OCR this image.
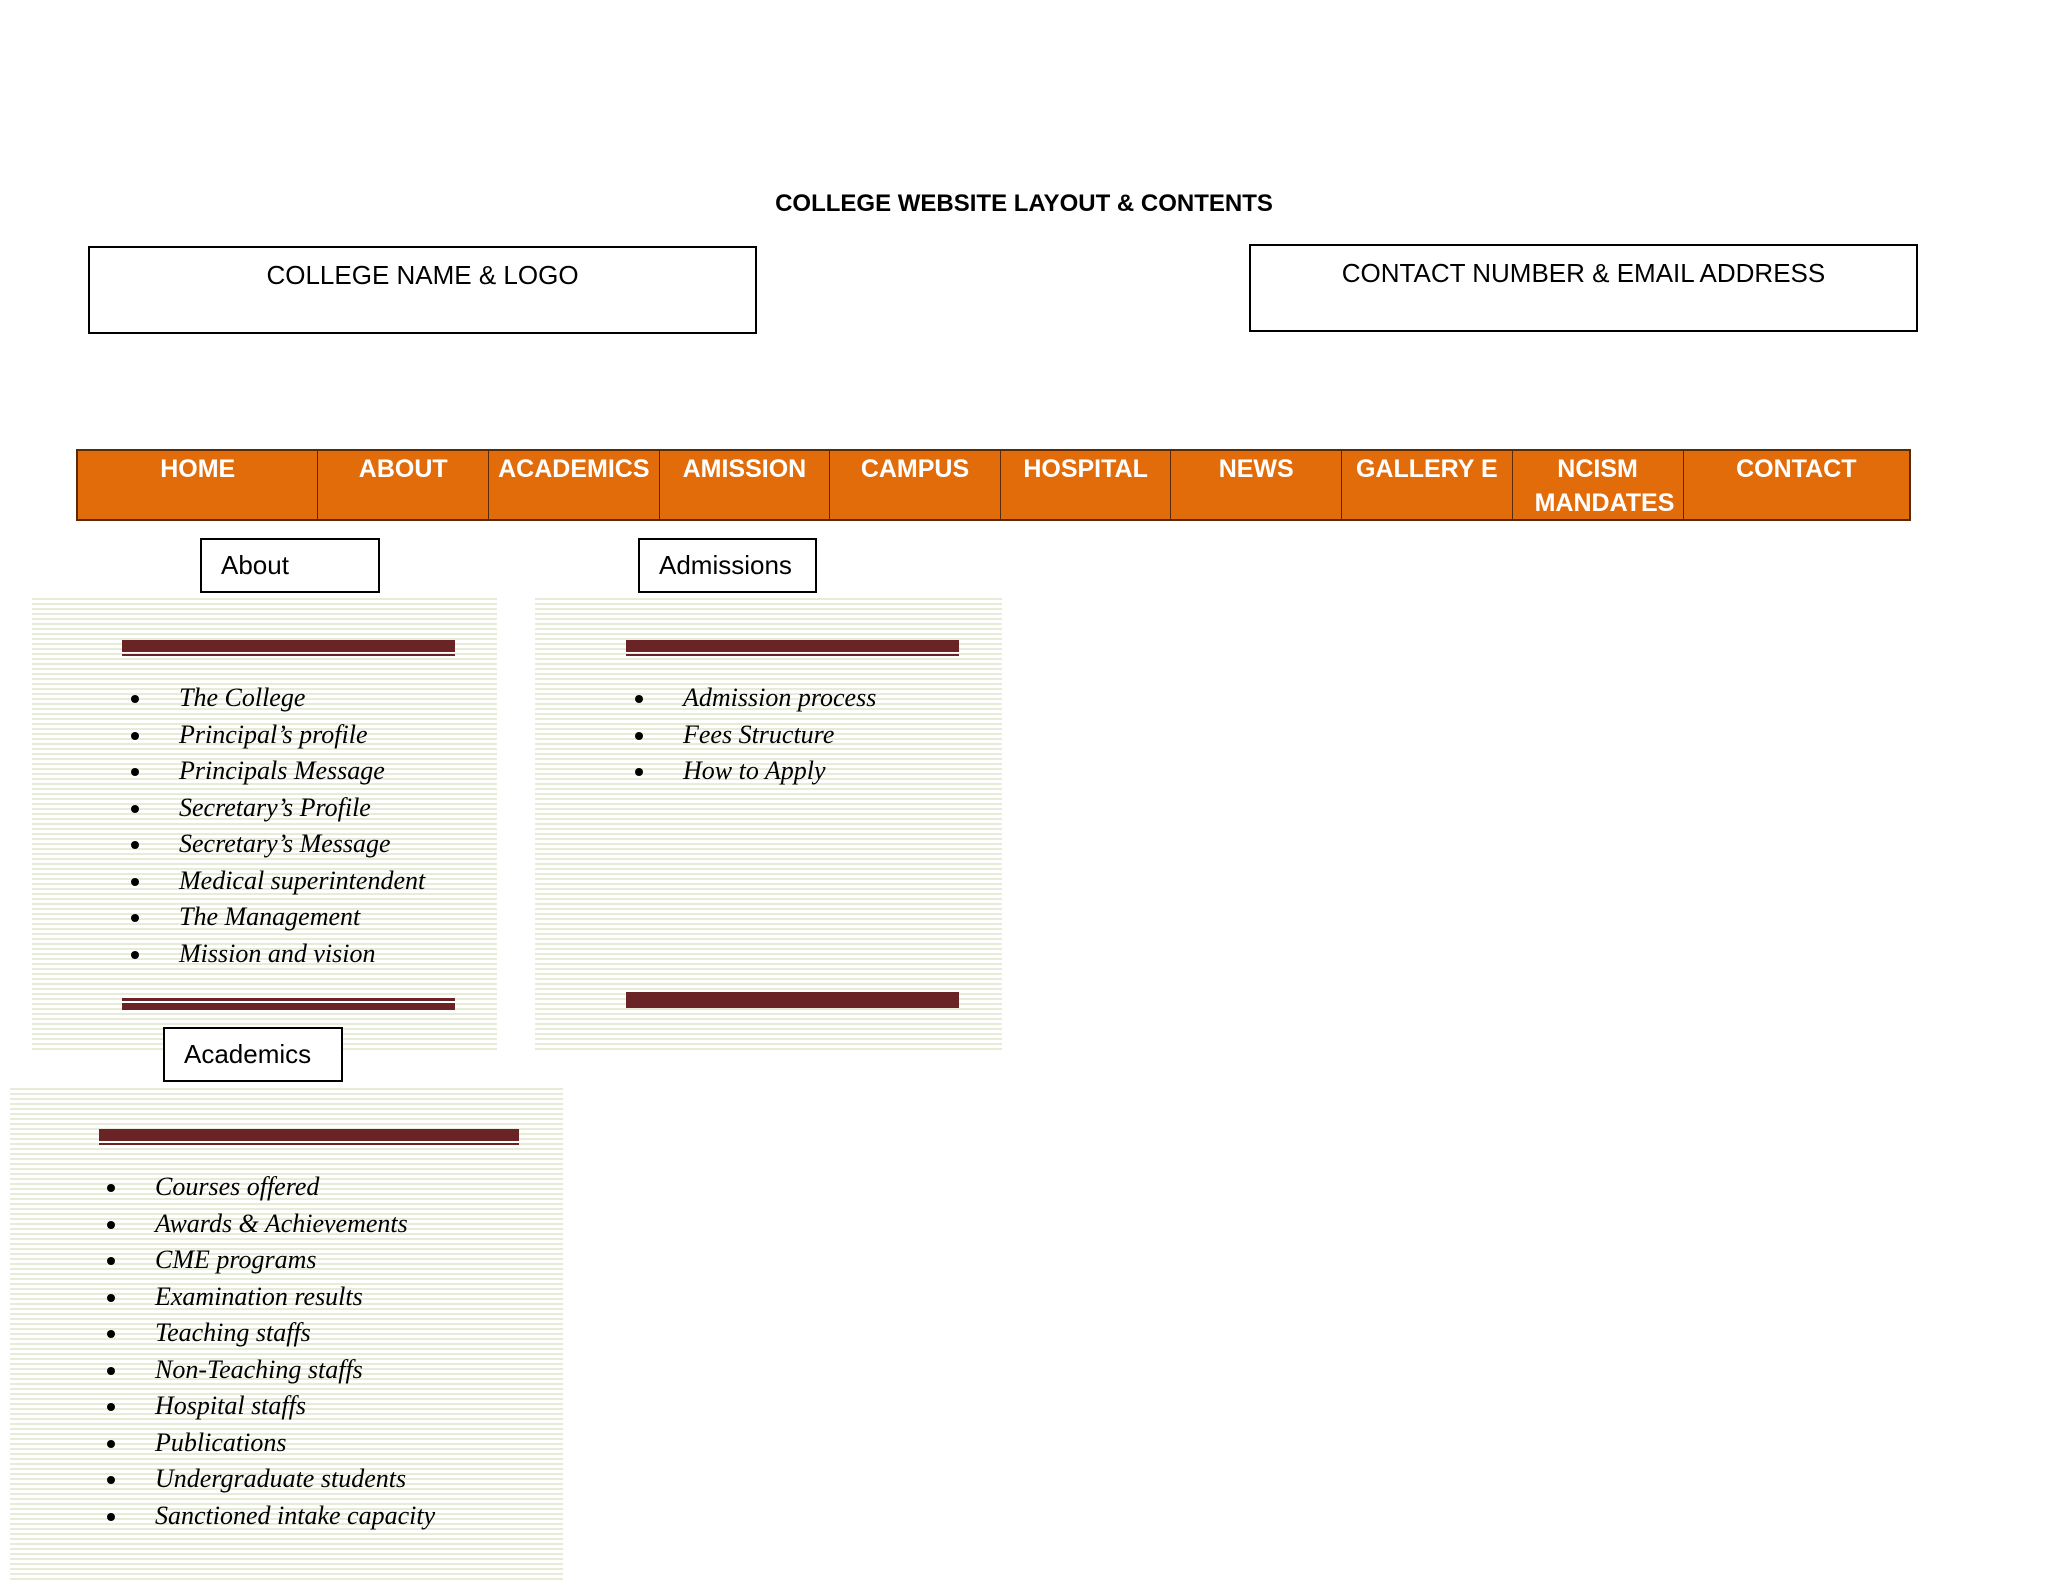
COLLEGE WEBSITE LAYOUT & CONTENTS
COLLEGE NAME & LOGO	CONTACT NUMBER & EMAIL ADDRESS
HOME	ABOUT	ACADEMICS	AMISSION	CAMPUS	HOSPITAL	NEWS	GALLERY E	NCISM MANDATES
CONTACT
About
The College
Principal’s profile
Principals Message
Secretary’s Profile
Secretary’s Message
Medical superintendent
The Management
Mission and vision
Admissions
Admission process
Fees Structure
How to Apply
Academics
Courses offered
Awards & Achievements
CME programs
Examination results
Teaching staffs
Non-Teaching staffs
Hospital staffs
Publications
Undergraduate students
Sanctioned intake capacity
